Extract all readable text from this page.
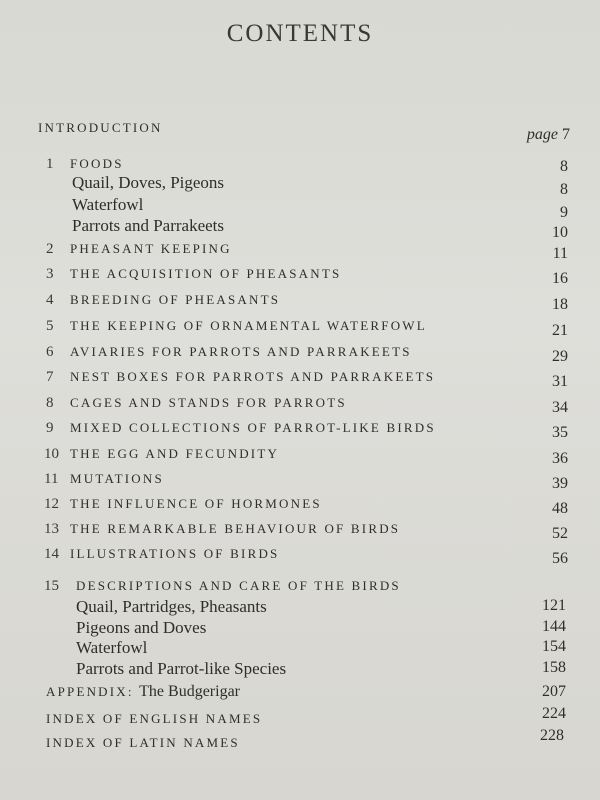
CONTENTS
INTRODUCTION	page 7
1 FOODS	8
Quail, Doves, Pigeons	8
Waterfowl	9
Parrots and Parrakeets	10
2 PHEASANT KEEPING	11
3 THE ACQUISITION OF PHEASANTS	16
4 BREEDING OF PHEASANTS	18
5 THE KEEPING OF ORNAMENTAL WATERFOWL	21
6 AVIARIES FOR PARROTS AND PARRAKEETS	29
7 NEST BOXES FOR PARROTS AND PARRAKEETS	31
8 CAGES AND STANDS FOR PARROTS	34
9 MIXED COLLECTIONS OF PARROT-LIKE BIRDS	35
10 THE EGG AND FECUNDITY	36
11 MUTATIONS	39
12 THE INFLUENCE OF HORMONES	48
13 THE REMARKABLE BEHAVIOUR OF BIRDS	52
14 ILLUSTRATIONS OF BIRDS	56
15 DESCRIPTIONS AND CARE OF THE BIRDS
Quail, Partridges, Pheasants	121
Pigeons and Doves	144
Waterfowl	154
Parrots and Parrot-like Species	158
APPENDIX: The Budgerigar	207
INDEX OF ENGLISH NAMES	224
INDEX OF LATIN NAMES	228
